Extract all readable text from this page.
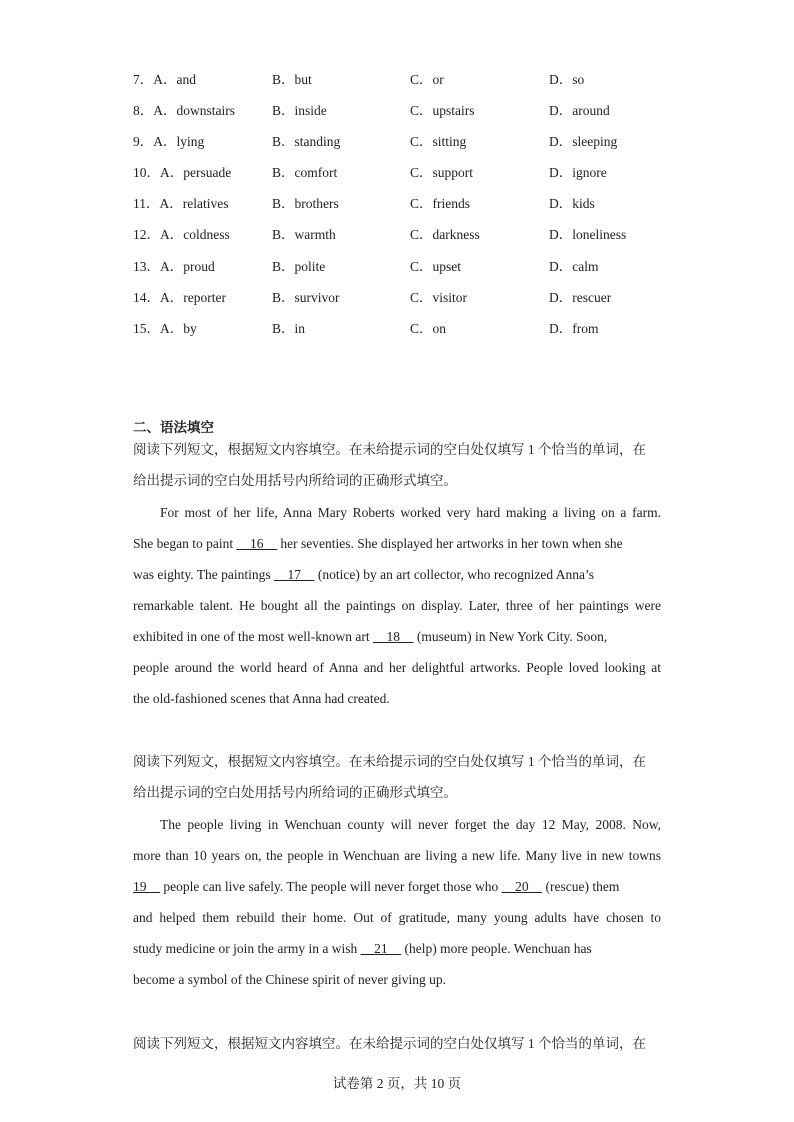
7．A．and	B．but	C．or	D．so
8．A．downstairs	B．inside	C．upstairs	D．around
9．A．lying	B．standing	C．sitting	D．sleeping
10．A．persuade	B．comfort	C．support	D．ignore
11．A．relatives	B．brothers	C．friends	D．kids
12．A．coldness	B．warmth	C．darkness	D．loneliness
13．A．proud	B．polite	C．upset	D．calm
14．A．reporter	B．survivor	C．visitor	D．rescuer
15．A．by	B．in	C．on	D．from
二、语法填空
阅读下列短文，根据短文内容填空。在未给提示词的空白处仅填写 1 个恰当的单词，在
给出提示词的空白处用括号内所给词的正确形式填空。
For most of her life, Anna Mary Roberts worked very hard making a living on a farm.
She began to paint     16     her seventies. She displayed her artworks in her town when she
was eighty. The paintings     17     (notice) by an art collector, who recognized Anna’s
remarkable talent. He bought all the paintings on display. Later, three of her paintings were
exhibited in one of the most well-known art     18     (museum) in New York City. Soon,
people around the world heard of Anna and her delightful artworks. People loved looking at
the old-fashioned scenes that Anna had created.
阅读下列短文，根据短文内容填空。在未给提示词的空白处仅填写 1 个恰当的单词，在
给出提示词的空白处用括号内所给词的正确形式填空。
The people living in Wenchuan county will never forget the day 12 May, 2008. Now,
more than 10 years on, the people in Wenchuan are living a new life. Many live in new towns
19     people can live safely. The people will never forget those who     20     (rescue) them
and helped them rebuild their home. Out of gratitude, many young adults have chosen to
study medicine or join the army in a wish     21     (help) more people. Wenchuan has
become a symbol of the Chinese spirit of never giving up.
阅读下列短文，根据短文内容填空。在未给提示词的空白处仅填写 1 个恰当的单词，在
试卷第 2 页，共 10 页
